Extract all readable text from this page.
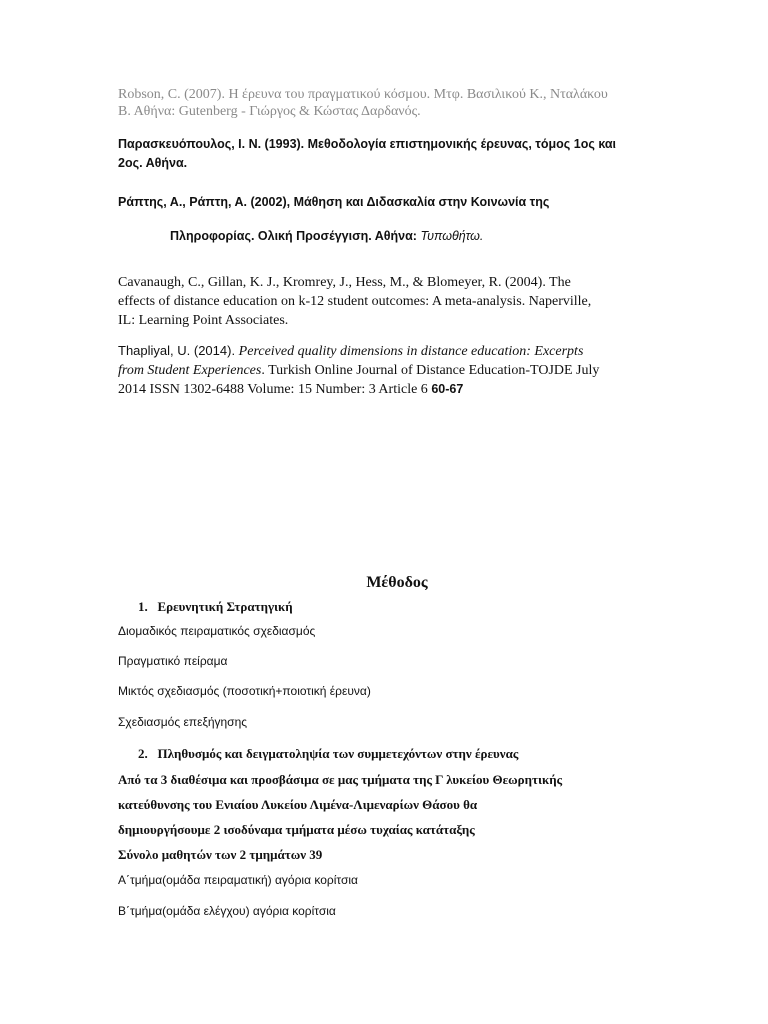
Robson, C. (2007). Η έρευνα του πραγματικού κόσμου. Μτφ. Βασιλικού Κ., Νταλάκου
Β. Αθήνα: Gutenberg - Γιώργος & Κώστας Δαρδανός.
Παρασκευόπουλος, Ι. Ν. (1993). Μεθοδολογία επιστημονικής έρευνας, τόμος 1ος και
2ος. Αθήνα.
Ράπτης, Α., Ράπτη, Α. (2002), Μάθηση και Διδασκαλία στην Κοινωνία της
Πληροφορίας. Ολική Προσέγγιση. Αθήνα: Τυπωθήτω.
Cavanaugh, C., Gillan, K. J., Kromrey, J., Hess, M., & Blomeyer, R. (2004). The
effects of distance education on k-12 student outcomes: A meta-analysis. Naperville,
IL: Learning Point Associates.
Thapliyal, U. (2014). Perceived quality dimensions in distance education: Excerpts
from Student Experiences. Turkish Online Journal of Distance Education-TOJDE July
2014 ISSN 1302-6488 Volume: 15 Number: 3 Article 6 60-67
Μέθοδος
1.   Ερευνητική Στρατηγική
Διομαδικός πειραματικός σχεδιασμός
Πραγματικό πείραμα
Μικτός σχεδιασμός (ποσοτική+ποιοτική έρευνα)
Σχεδιασμός επεξήγησης
2.   Πληθυσμός και δειγματοληψία των συμμετεχόντων στην έρευνας
Από τα 3 διαθέσιμα και προσβάσιμα σε μας τμήματα της Γ λυκείου Θεωρητικής
κατεύθυνσης του Ενιαίου Λυκείου Λιμένα-Λιμεναρίων Θάσου θα
δημιουργήσουμε 2 ισοδύναμα τμήματα μέσω τυχαίας κατάταξης
Σύνολο μαθητών των 2 τμημάτων 39
Α΄τμήμα(ομάδα πειραματική) αγόρια κορίτσια
Β΄τμήμα(ομάδα ελέγχου) αγόρια κορίτσια
